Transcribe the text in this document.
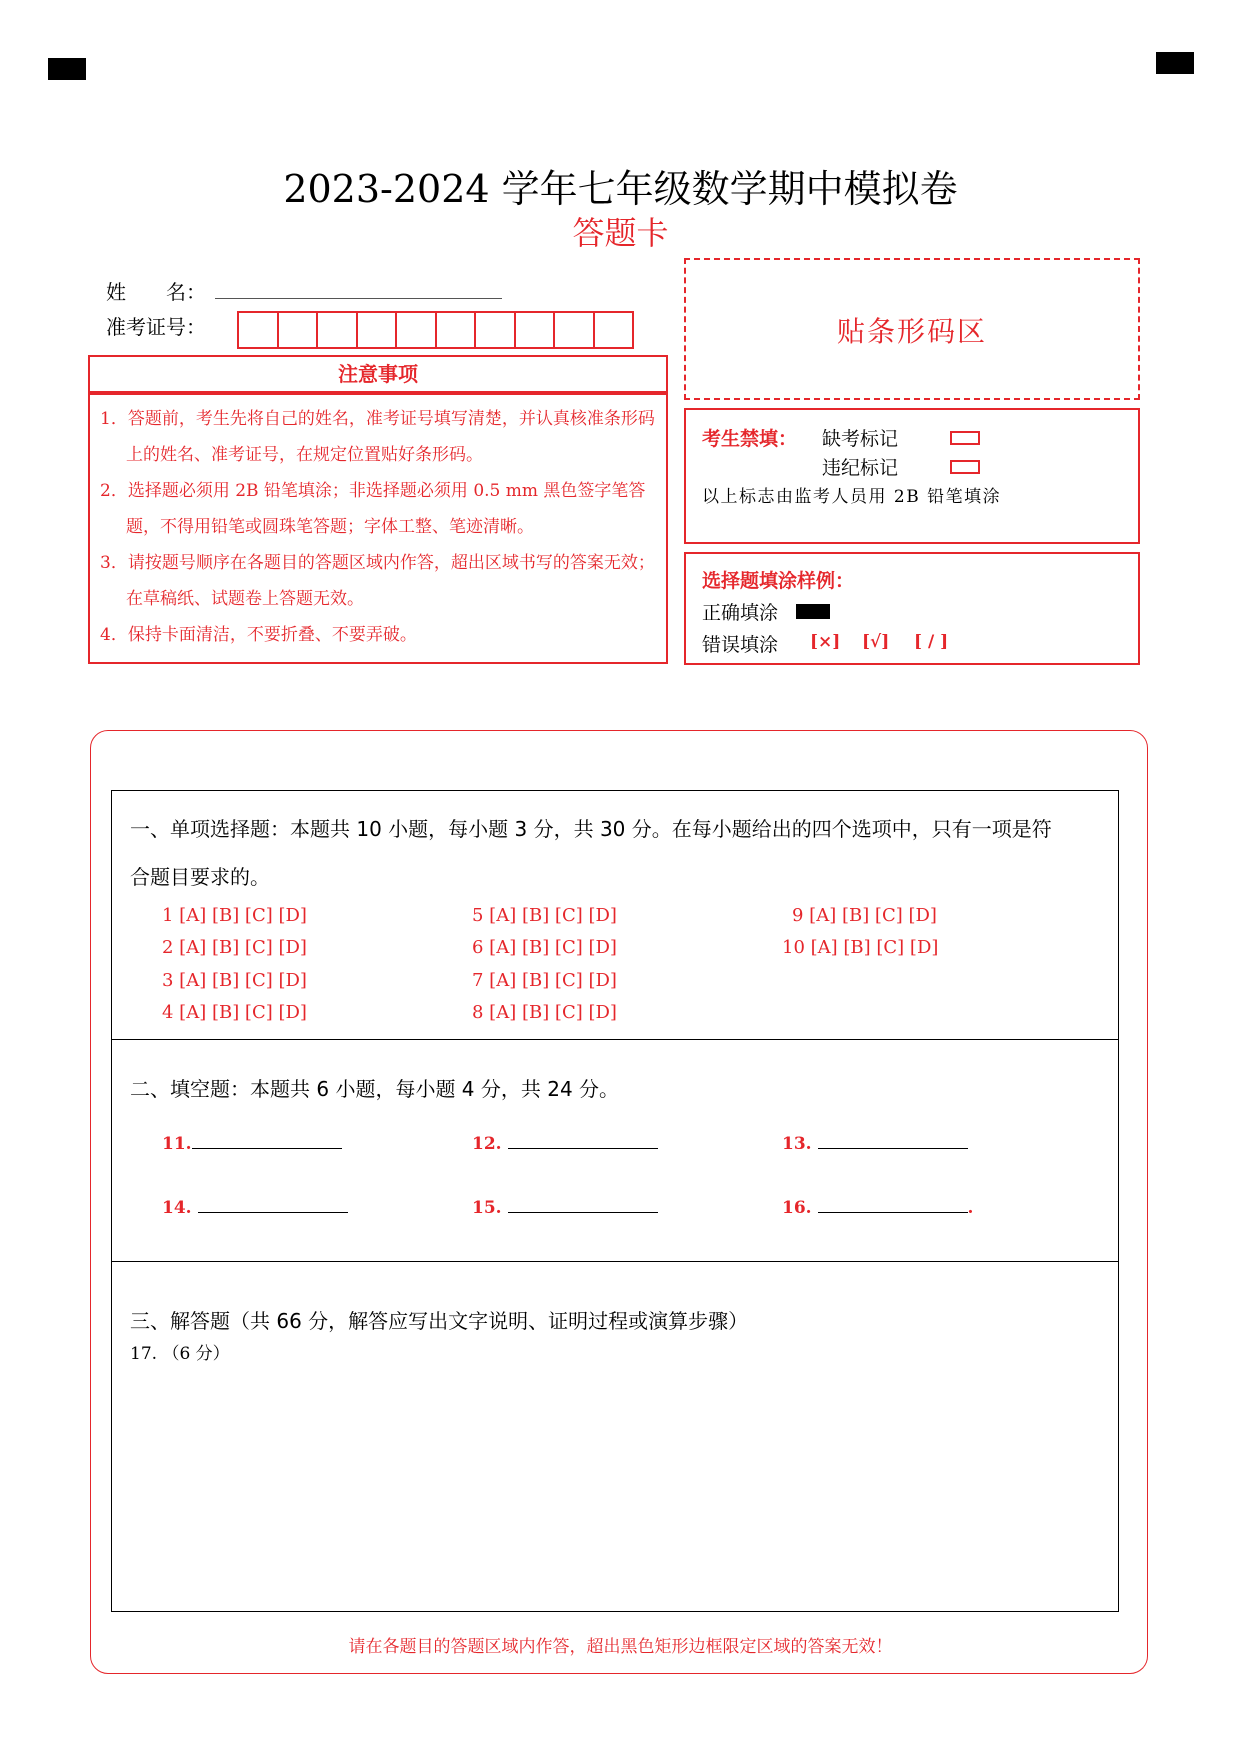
2023-2024 学年七年级数学期中模拟卷
答题卡
姓　　名：
准考证号：
注意事项
1．答题前，考生先将自己的姓名，准考证号填写清楚，并认真核准条形码上的姓名、准考证号，在规定位置贴好条形码。
2．选择题必须用 2B 铅笔填涂；非选择题必须用 0.5 mm 黑色签字笔答题，不得用铅笔或圆珠笔答题；字体工整、笔迹清晰。
3．请按题号顺序在各题目的答题区域内作答，超出区域书写的答案无效；在草稿纸、试题卷上答题无效。
4．保持卡面清洁，不要折叠、不要弄破。
贴条形码区
考生禁填： 缺考标记
违纪标记
以上标志由监考人员用 2B 铅笔填涂
选择题填涂样例：
正确填涂
错误填涂 [×] [√] [ / ]
一、单项选择题：本题共 10 小题，每小题 3 分，共 30 分。在每小题给出的四个选项中，只有一项是符
合题目要求的。
1 [A] [B] [C] [D]
2 [A] [B] [C] [D]
3 [A] [B] [C] [D]
4 [A] [B] [C] [D]
5 [A] [B] [C] [D]
6 [A] [B] [C] [D]
7 [A] [B] [C] [D]
8 [A] [B] [C] [D]
9 [A] [B] [C] [D]
10 [A] [B] [C] [D]
二、填空题：本题共 6 小题，每小题 4 分，共 24 分。
11.	12.	13.
14.	15.	16.	.
三、解答题（共 66 分，解答应写出文字说明、证明过程或演算步骤）
17. （6 分）
请在各题目的答题区域内作答，超出黑色矩形边框限定区域的答案无效！
